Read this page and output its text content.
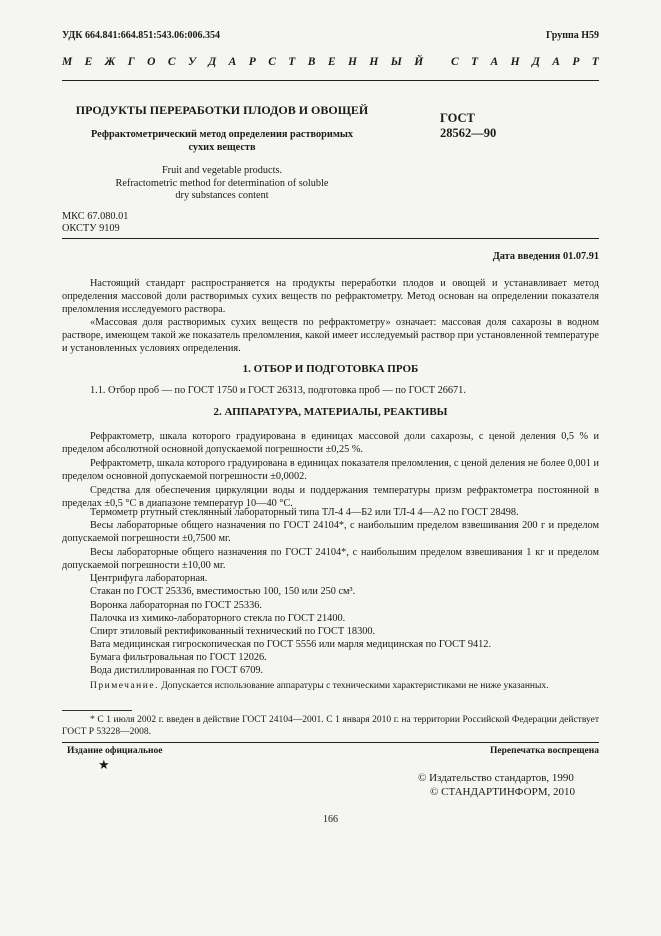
УДК 664.841:664.851:543.06:006.354	Группа Н59
М Е Ж Г О С У Д А Р С Т В Е Н Н Ы Й
С Т А Н Д А Р Т
ПРОДУКТЫ ПЕРЕРАБОТКИ ПЛОДОВ И ОВОЩЕЙ
Рефрактометрический метод определения растворимых
сухих веществ
ГОСТ
28562—90
Fruit and vegetable products.
Refractometric method for determination of soluble
dry substances content
МКС 67.080.01
ОКСТУ 9109
Дата введения 01.07.91
Настоящий стандарт распространяется на продукты переработки плодов и овощей и устанавливает метод определения массовой доли растворимых сухих веществ по рефрактометру. Метод основан на определении показателя преломления исследуемого раствора.
«Массовая доля растворимых сухих веществ по рефрактометру» означает: массовая доля сахарозы в водном растворе, имеющем такой же показатель преломления, какой имеет исследуемый раствор при установленной температуре и установленных условиях определения.
1. ОТБОР И ПОДГОТОВКА ПРОБ
1.1. Отбор проб — по ГОСТ 1750 и ГОСТ 26313, подготовка проб — по ГОСТ 26671.
2. АППАРАТУРА, МАТЕРИАЛЫ, РЕАКТИВЫ
Рефрактометр, шкала которого градуирована в единицах массовой доли сахарозы, с ценой деления 0,5 % и пределом абсолютной основной допускаемой погрешности ±0,25 %.
Рефрактометр, шкала которого градуирована в единицах показателя преломления, с ценой деления не более 0,001 и пределом основной допускаемой погрешности ±0,0002.
Средства для обеспечения циркуляции воды и поддержания температуры призм рефрактометра постоянной в пределах ±0,5 °С в диапазоне температур 10—40 °С.
Термометр ртутный стеклянный лабораторный типа ТЛ-4 4—Б2 или ТЛ-4 4—А2 по ГОСТ 28498.
Весы лабораторные общего назначения по ГОСТ 24104*, с наибольшим пределом взвешивания 200 г и пределом допускаемой погрешности ±0,7500 мг.
Весы лабораторные общего назначения по ГОСТ 24104*, с наибольшим пределом взвешивания 1 кг и пределом допускаемой погрешности ±10,00 мг.
Центрифуга лабораторная.
Стакан по ГОСТ 25336, вместимостью 100, 150 или 250 см³.
Воронка лабораторная по ГОСТ 25336.
Палочка из химико-лабораторного стекла по ГОСТ 21400.
Спирт этиловый ректификованный технический по ГОСТ 18300.
Вата медицинская гигроскопическая по ГОСТ 5556 или марля медицинская по ГОСТ 9412.
Бумага фильтровальная по ГОСТ 12026.
Вода дистиллированная по ГОСТ 6709.
Примечание. Допускается использование аппаратуры с техническими характеристиками не ниже указанных.
* С 1 июля 2002 г. введен в действие ГОСТ 24104—2001. С 1 января 2010 г. на территории Российской Федерации действует ГОСТ Р 53228—2008.
Издание официальное	Перепечатка воспрещена
★
© Издательство стандартов, 1990
© СТАНДАРТИНФОРМ, 2010
166
